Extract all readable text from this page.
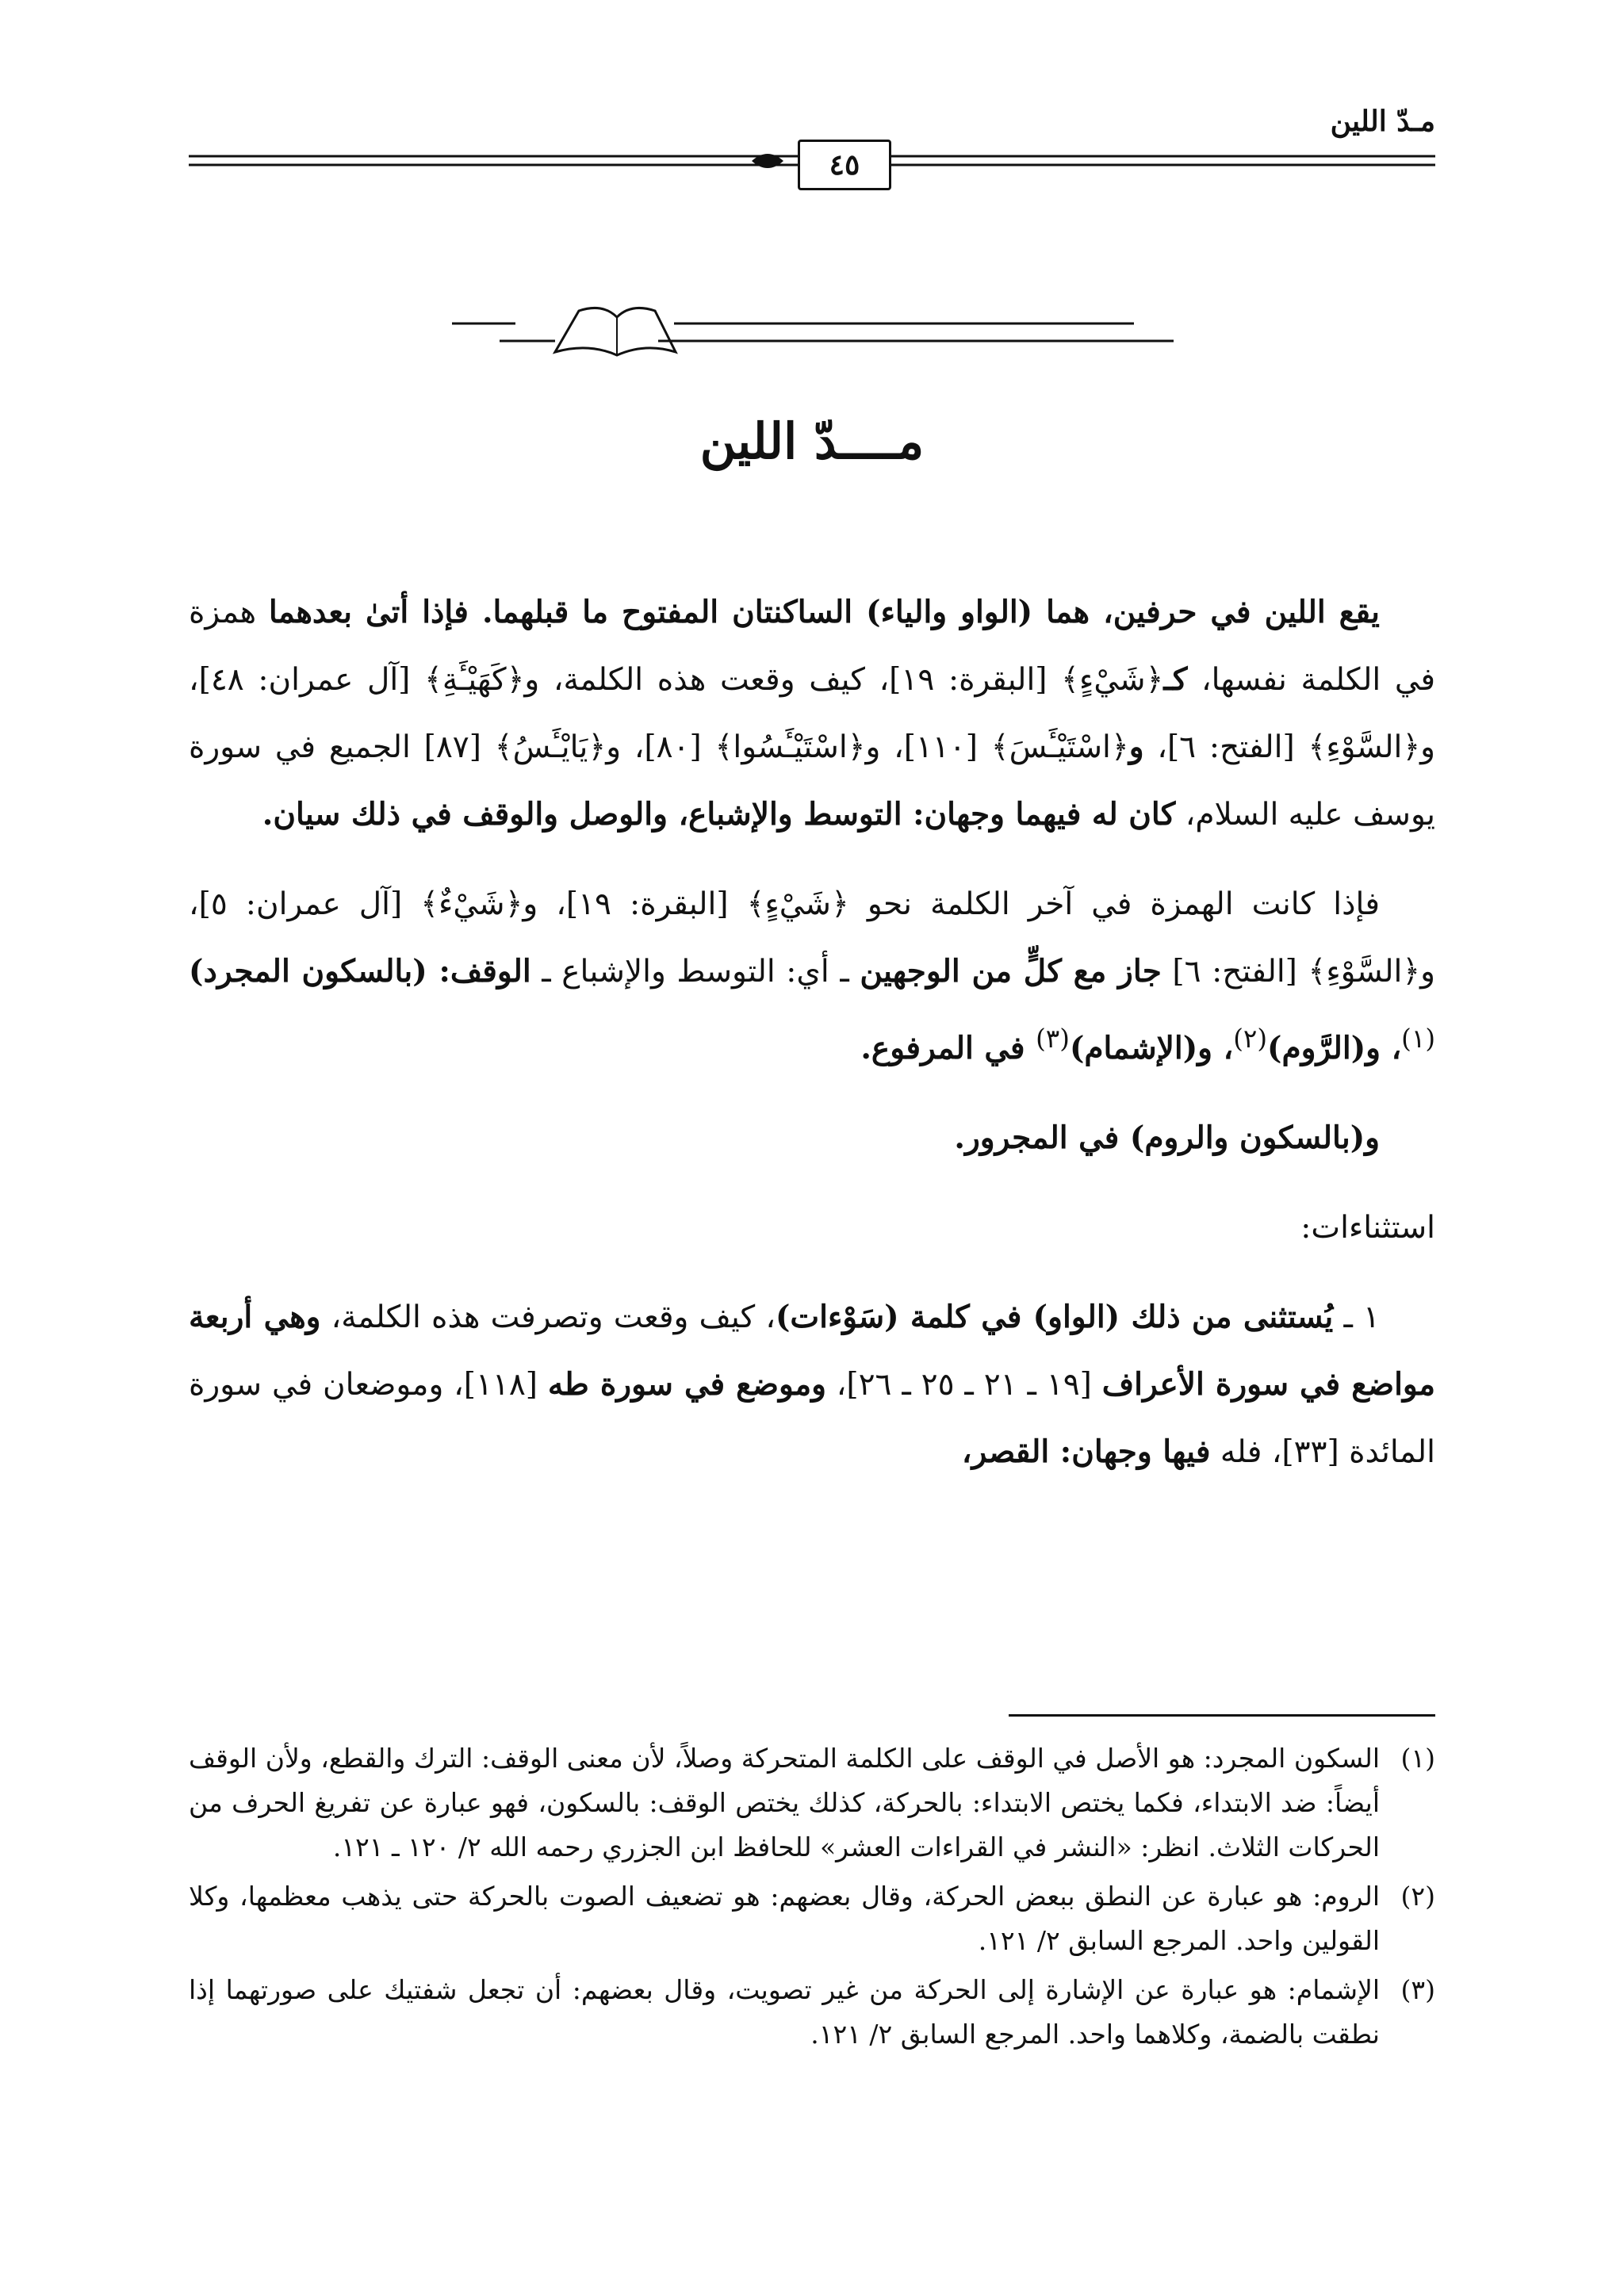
مـدّ اللين
٤٥
مــــدّ اللين

يقع اللين في حرفين، هما (الواو والياء) الساكنتان المفتوح ما قبلهما. فإذا أتىٰ بعدهما همزة في الكلمة نفسها، كـ﴿شَيْءٍ﴾ [البقرة: ١٩]، كيف وقعت هذه الكلمة، و﴿كَهَيْـَٔةِ﴾ [آل عمران: ٤٨]، و﴿السَّوْءِ﴾ [الفتح: ٦]، و﴿اسْتَيْـَٔسَ﴾ [١١٠]، و﴿اسْتَيْـَٔسُوا﴾ [٨٠]، و﴿يَايْـَٔسُ﴾ [٨٧] الجميع في سورة يوسف عليه السلام، كان له فيهما وجهان: التوسط والإشباع، والوصل والوقف في ذلك سيان.

فإذا كانت الهمزة في آخر الكلمة نحو ﴿شَيْءٍ﴾ [البقرة: ١٩]، و﴿شَيْءٌ﴾ [آل عمران: ٥]، و﴿السَّوْءِ﴾ [الفتح: ٦] جاز مع كلٍّ من الوجهين ـ أي: التوسط والإشباع ـ الوقف: (بالسكون المجرد)$^{(١)}$، و(الرَّوم)$^{(٢)}$، و(الإشمام)$^{(٣)}$ في المرفوع.

و(بالسكون والروم) في المجرور.

استثناءات:

١ ـ يُستثنى من ذلك (الواو) في كلمة (سَوْءات)، كيف وقعت وتصرفت هذه الكلمة، وهي أربعة مواضع في سورة الأعراف [١٩ ـ ٢١ ـ ٢٥ ـ ٢٦]، وموضع في سورة طه [١١٨]، وموضعان في سورة المائدة [٣٣]، فله فيها وجهان: القصر،

(١)
السكون المجرد: هو الأصل في الوقف على الكلمة المتحركة وصلاً، لأن معنى الوقف: الترك والقطع، ولأن الوقف أيضاً: ضد الابتداء، فكما يختص الابتداء: بالحركة، كذلك يختص الوقف: بالسكون، فهو عبارة عن تفريغ الحرف من الحركات الثلاث. انظر: «النشر في القراءات العشر» للحافظ ابن الجزري رحمه الله ٢/ ١٢٠ ـ ١٢١.
(٢)
الروم: هو عبارة عن النطق ببعض الحركة، وقال بعضهم: هو تضعيف الصوت بالحركة حتى يذهب معظمها، وكلا القولين واحد. المرجع السابق ٢/ ١٢١.
(٣)
الإشمام: هو عبارة عن الإشارة إلى الحركة من غير تصويت، وقال بعضهم: أن تجعل شفتيك على صورتهما إذا نطقت بالضمة، وكلاهما واحد. المرجع السابق ٢/ ١٢١.
